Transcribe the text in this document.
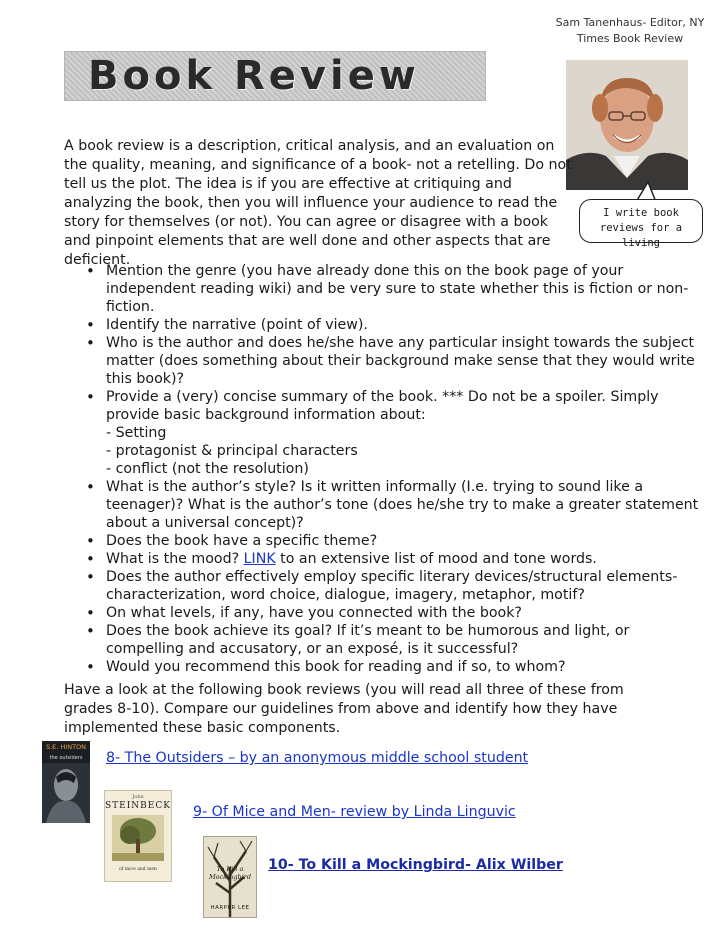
Sam Tanenhaus- Editor, NY
Times Book Review
Book Review
I write book
reviews for a living
A book review is a description, critical analysis, and an evaluation on the quality, meaning, and significance of a book- not a retelling. Do not tell us the plot. The idea is if you are effective at critiquing and analyzing the book, then you will influence your audience to read the story for themselves (or not). You can agree or disagree with a book and pinpoint elements that are well done and other aspects that are deficient.
• Mention the genre (you have already done this on the book page of your independent reading wiki) and be very sure to state whether this is fiction or non-fiction.
• Identify the narrative (point of view).
• Who is the author and does he/she have any particular insight towards the subject matter (does something about their background make sense that they would write this book)?
• Provide a (very) concise summary of the book. *** Do not be a spoiler. Simply provide basic background information about:
- Setting
- protagonist & principal characters
- conflict (not the resolution)
• What is the author’s style? Is it written informally (I.e. trying to sound like a teenager)? What is the author’s tone (does he/she try to make a greater statement about a universal concept)?
• Does the book have a specific theme?
• What is the mood? LINK to an extensive list of mood and tone words.
• Does the author effectively employ specific literary devices/structural elements- characterization, word choice, dialogue, imagery, metaphor, motif?
• On what levels, if any, have you connected with the book?
• Does the book achieve its goal? If it’s meant to be humorous and light, or compelling and accusatory, or an exposé, is it successful?
• Would you recommend this book for reading and if so, to whom?
Have a look at the following book reviews (you will read all three of these from grades 8-10). Compare our guidelines from above and identify how they have implemented these basic components.
S.E. HINTON
the outsiders
John
STEINBECK
of mice and men	To Kill a Mockingbird
HARPER LEE
8- The Outsiders – by an anonymous middle school student
9- Of Mice and Men- review by Linda Linguvic
10- To Kill a Mockingbird- Alix Wilber
